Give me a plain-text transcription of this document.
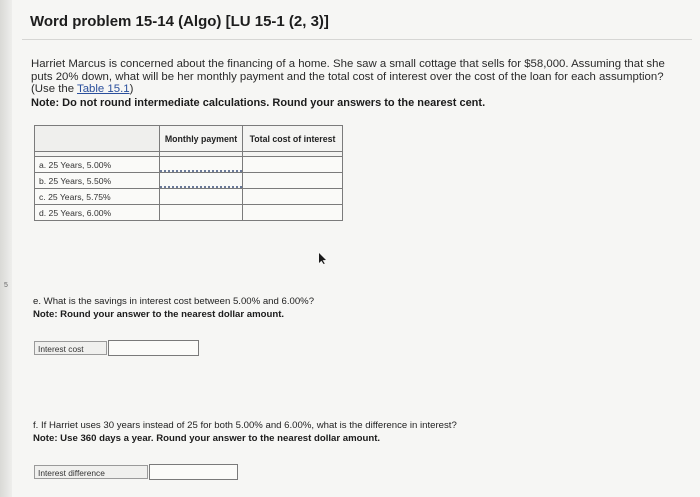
5
Word problem 15-14 (Algo) [LU 15-1 (2, 3)]
Harriet Marcus is concerned about the financing of a home. She saw a small cottage that sells for $58,000. Assuming that she puts 20% down, what will be her monthly payment and the total cost of interest over the cost of the loan for each assumption? (Use the Table 15.1)
Note: Do not round intermediate calculations. Round your answers to the nearest cent.
	Monthly payment	Total cost of interest

a. 25 Years, 5.00%	

b. 25 Years, 5.50%	

c. 25 Years, 5.75%	

d. 25 Years, 6.00%	

e. What is the savings in interest cost between 5.00% and 6.00%?
Note: Round your answer to the nearest dollar amount.
Interest cost
f. If Harriet uses 30 years instead of 25 for both 5.00% and 6.00%, what is the difference in interest?
Note: Use 360 days a year. Round your answer to the nearest dollar amount.
Interest difference
